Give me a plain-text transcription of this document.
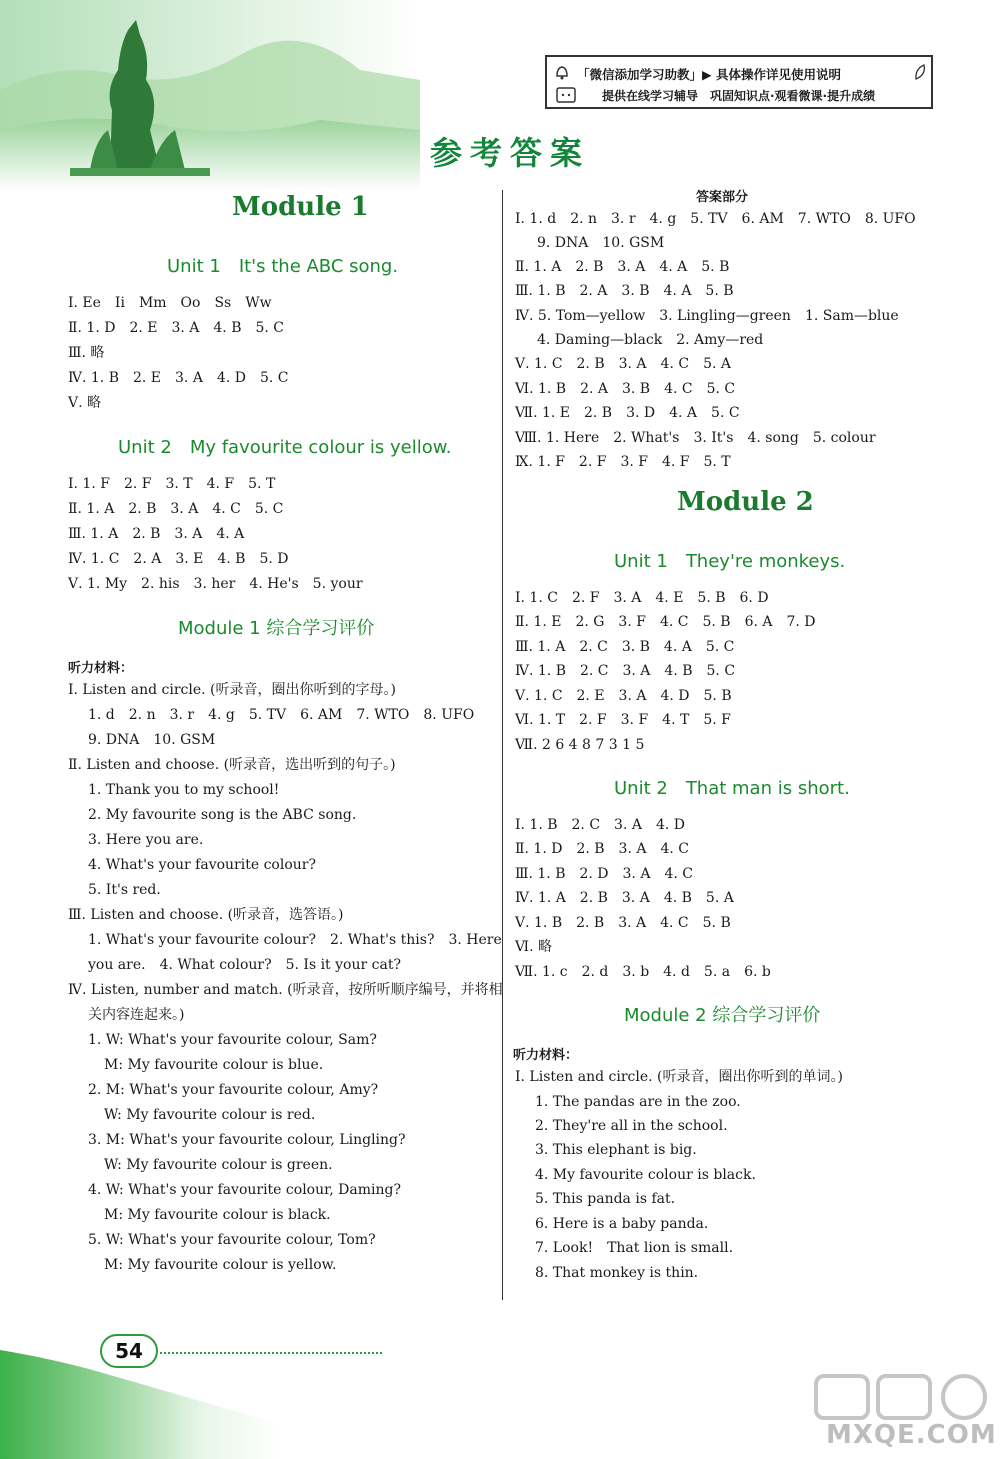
「微信添加学习助教」▶ 具体操作详见使用说明
提供在线学习辅导　巩固知识点·观看微课·提升成绩
参考答案
Module 1
Unit 1　It's the ABC song.
Ⅰ. Ee　Ii　Mm　Oo　Ss　Ww
Ⅱ. 1. D　2. E　3. A　4. B　5. C
Ⅲ. 略
Ⅳ. 1. B　2. E　3. A　4. D　5. C
Ⅴ. 略
Unit 2　My favourite colour is yellow.
Ⅰ. 1. F　2. F　3. T　4. F　5. T
Ⅱ. 1. A　2. B　3. A　4. C　5. C
Ⅲ. 1. A　2. B　3. A　4. A
Ⅳ. 1. C　2. A　3. E　4. B　5. D
Ⅴ. 1. My　2. his　3. her　4. He's　5. your
Module 1 综合学习评价
听力材料：
Ⅰ. Listen and circle. (听录音，圈出你听到的字母。)
1. d　2. n　3. r　4. g　5. TV　6. AM　7. WTO　8. UFO
9. DNA　10. GSM
Ⅱ. Listen and choose. (听录音，选出听到的句子。)
1. Thank you to my school!
2. My favourite song is the ABC song.
3. Here you are.
4. What's your favourite colour?
5. It's red.
Ⅲ. Listen and choose. (听录音，选答语。)
1. What's your favourite colour?　2. What's this?　3. Here
you are.　4. What colour?　5. Is it your cat?
Ⅳ. Listen, number and match. (听录音，按所听顺序编号，并将相
关内容连起来。)
1. W: What's your favourite colour, Sam?
M: My favourite colour is blue.
2. M: What's your favourite colour, Amy?
W: My favourite colour is red.
3. M: What's your favourite colour, Lingling?
W: My favourite colour is green.
4. W: What's your favourite colour, Daming?
M: My favourite colour is black.
5. W: What's your favourite colour, Tom?
M: My favourite colour is yellow.
答案部分
Ⅰ. 1. d　2. n　3. r　4. g　5. TV　6. AM　7. WTO　8. UFO
9. DNA　10. GSM
Ⅱ. 1. A　2. B　3. A　4. A　5. B
Ⅲ. 1. B　2. A　3. B　4. A　5. B
Ⅳ. 5. Tom—yellow　3. Lingling—green　1. Sam—blue
4. Daming—black　2. Amy—red
Ⅴ. 1. C　2. B　3. A　4. C　5. A
Ⅵ. 1. B　2. A　3. B　4. C　5. C
Ⅶ. 1. E　2. B　3. D　4. A　5. C
Ⅷ. 1. Here　2. What's　3. It's　4. song　5. colour
Ⅸ. 1. F　2. F　3. F　4. F　5. T
Module 2
Unit 1　They're monkeys.
Ⅰ. 1. C　2. F　3. A　4. E　5. B　6. D
Ⅱ. 1. E　2. G　3. F　4. C　5. B　6. A　7. D
Ⅲ. 1. A　2. C　3. B　4. A　5. C
Ⅳ. 1. B　2. C　3. A　4. B　5. C
Ⅴ. 1. C　2. E　3. A　4. D　5. B
Ⅵ. 1. T　2. F　3. F　4. T　5. F
Ⅶ. 2 6 4 8 7 3 1 5
Unit 2　That man is short.
Ⅰ. 1. B　2. C　3. A　4. D
Ⅱ. 1. D　2. B　3. A　4. C
Ⅲ. 1. B　2. D　3. A　4. C
Ⅳ. 1. A　2. B　3. A　4. B　5. A
Ⅴ. 1. B　2. B　3. A　4. C　5. B
Ⅵ. 略
Ⅶ. 1. c　2. d　3. b　4. d　5. a　6. b
Module 2 综合学习评价
听力材料：
Ⅰ. Listen and circle. (听录音，圈出你听到的单词。)
1. The pandas are in the zoo.
2. They're all in the school.
3. This elephant is big.
4. My favourite colour is black.
5. This panda is fat.
6. Here is a baby panda.
7. Look!　That lion is small.
8. That monkey is thin.
54
MXQE.COM
